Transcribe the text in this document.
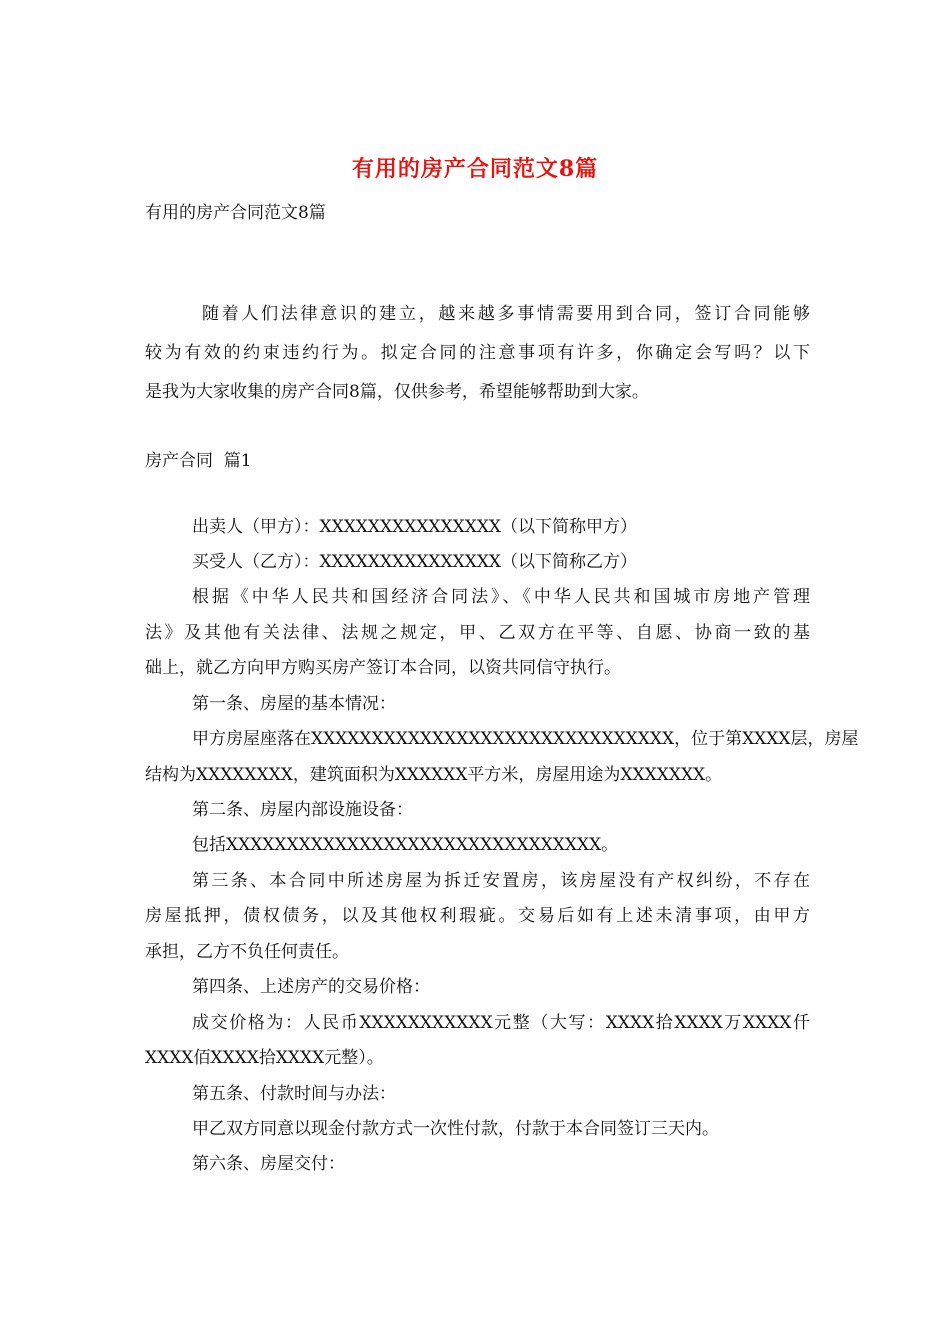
有用的房产合同范文8篇
有用的房产合同范文8篇
随着人们法律意识的建立，越来越多事情需要用到合同，签订合同能够
较为有效的约束违约行为。拟定合同的注意事项有许多，你确定会写吗？以下
是我为大家收集的房产合同8篇，仅供参考，希望能够帮助到大家。
房产合同  篇1
出卖人（甲方）：XXXXXXXXXXXXXXX（以下简称甲方）
买受人（乙方）：XXXXXXXXXXXXXXX（以下简称乙方）
根据《中华人民共和国经济合同法》、《中华人民共和国城市房地产管理
法》及其他有关法律、法规之规定，甲、乙双方在平等、自愿、协商一致的基
础上，就乙方向甲方购买房产签订本合同，以资共同信守执行。
第一条、房屋的基本情况：
甲方房屋座落在XXXXXXXXXXXXXXXXXXXXXXXXXXXXXX，位于第XXXX层，房屋
结构为XXXXXXXX，建筑面积为XXXXXX平方米，房屋用途为XXXXXXX。
第二条、房屋内部设施设备：
包括XXXXXXXXXXXXXXXXXXXXXXXXXXXXXXX。
第三条、本合同中所述房屋为拆迁安置房，该房屋没有产权纠纷，不存在
房屋抵押，债权债务，以及其他权利瑕疵。交易后如有上述未清事项，由甲方
承担，乙方不负任何责任。
第四条、上述房产的交易价格：
成交价格为：人民币XXXXXXXXXXX元整（大写：XXXX拾XXXX万XXXX仟
XXXX佰XXXX拾XXXX元整）。
第五条、付款时间与办法：
甲乙双方同意以现金付款方式一次性付款，付款于本合同签订三天内。
第六条、房屋交付：
